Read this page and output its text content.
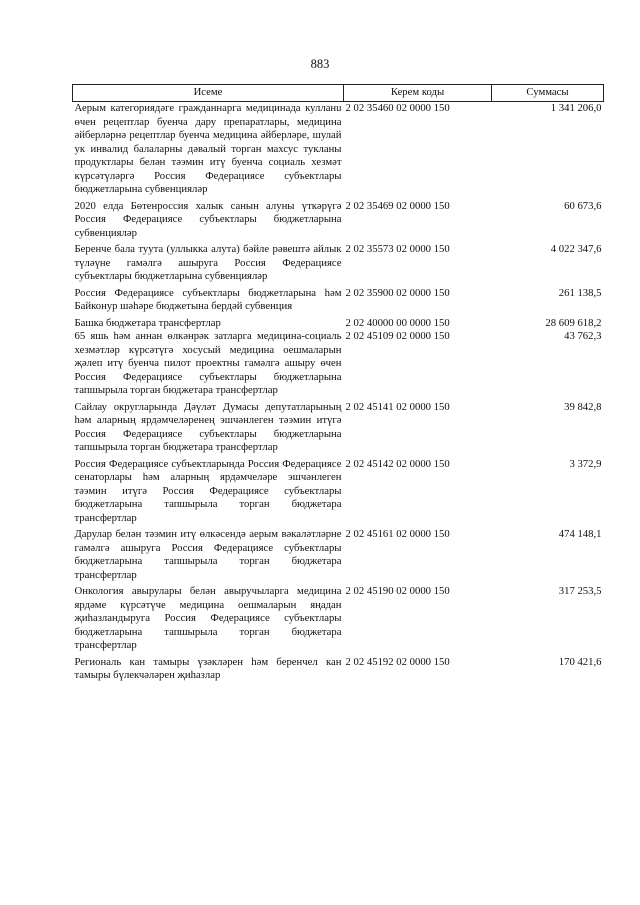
883
Исеме	Керем коды	Суммасы
Аерым категориядәге гражданнарга медицинада кулланu өчен рецептлар буенча дару препаратлары, медицина әйберләрнә рецептлар буенча медицина әйберләре, шулай ук инвалид балаларны дәвалый торган махсус тукланы продуктлары белән тәэмин итү буенча социаль хезмәт күрсәтүләргә Россия Федерациясе субъектлары бюджетларына субвенцияләр	2 02 35460 02 0000 150	1 341 206,0
2020 елда Бөтенроссия халык санын алуны үткәрүгә Россия Федерациясе субъектлары бюджетларына субвенцияләр	2 02 35469 02 0000 150	60 673,6
Беренче бала туута (уллыкка алута) бәйле рәвештә айлык түләүне гамәлгә ашыруга Россия Федерациясе субъектлары бюджетларына субвенцияләр	2 02 35573 02 0000 150	4 022 347,6
Россия Федерациясе субъектлары бюджетларына һәм Байконур шәһәре бюджетына бердәй субвенция	2 02 35900 02 0000 150	261 138,5
Башка бюджетара трансфертлар	2 02 40000 00 0000 150	28 609 618,2
65 яшь һәм аннан өлкәнрәк затларга медицина-социаль хезмәтләр күрсәтүгә хосусый медицина оешмаларын җәлеп итү буенча пилот проектны гамәлгә ашыру өчен Россия Федерациясе субъектлары бюджетларына тапшырыла торган бюджетара трансфертлар	2 02 45109 02 0000 150	43 762,3
Сайлау округларында Дәүләт Думасы депутатларының һәм аларның ярдәмчеләренең эшчәнлеген тәэмин итүгә Россия Федерациясе субъектлары бюджетларына тапшырыла торган бюджетара трансфертлар	2 02 45141 02 0000 150	39 842,8
Россия Федерациясе субъектларында Россия Федерациясе сенаторлары һәм аларның ярдәмчеләре эшчәнлеген тәэмин итүгә Россия Федерациясе субъектлары бюджетларына тапшырыла торган бюджетара трансфертлар	2 02 45142 02 0000 150	3 372,9
Дарулар белән тәэмин итү өлкәсендә аерым вәкаләтләрне гамәлгә ашыруга Россия Федерациясе субъектлары бюджетларына тапшырыла торган бюджетара трансфертлар	2 02 45161 02 0000 150	474 148,1
Онкология авырулары белән авыручыларга медицина ярдәме күрсәтүче медицина оешмаларын яңадан җиһазландыруга Россия Федерациясе субъектлары бюджетларына тапшырыла торган бюджетара трансфертлар	2 02 45190 02 0000 150	317 253,5
Региональ кан тамыры үзәкләрен һәм беренчел кан тамыры бүлекчәләрен җиһазлар	2 02 45192 02 0000 150	170 421,6
